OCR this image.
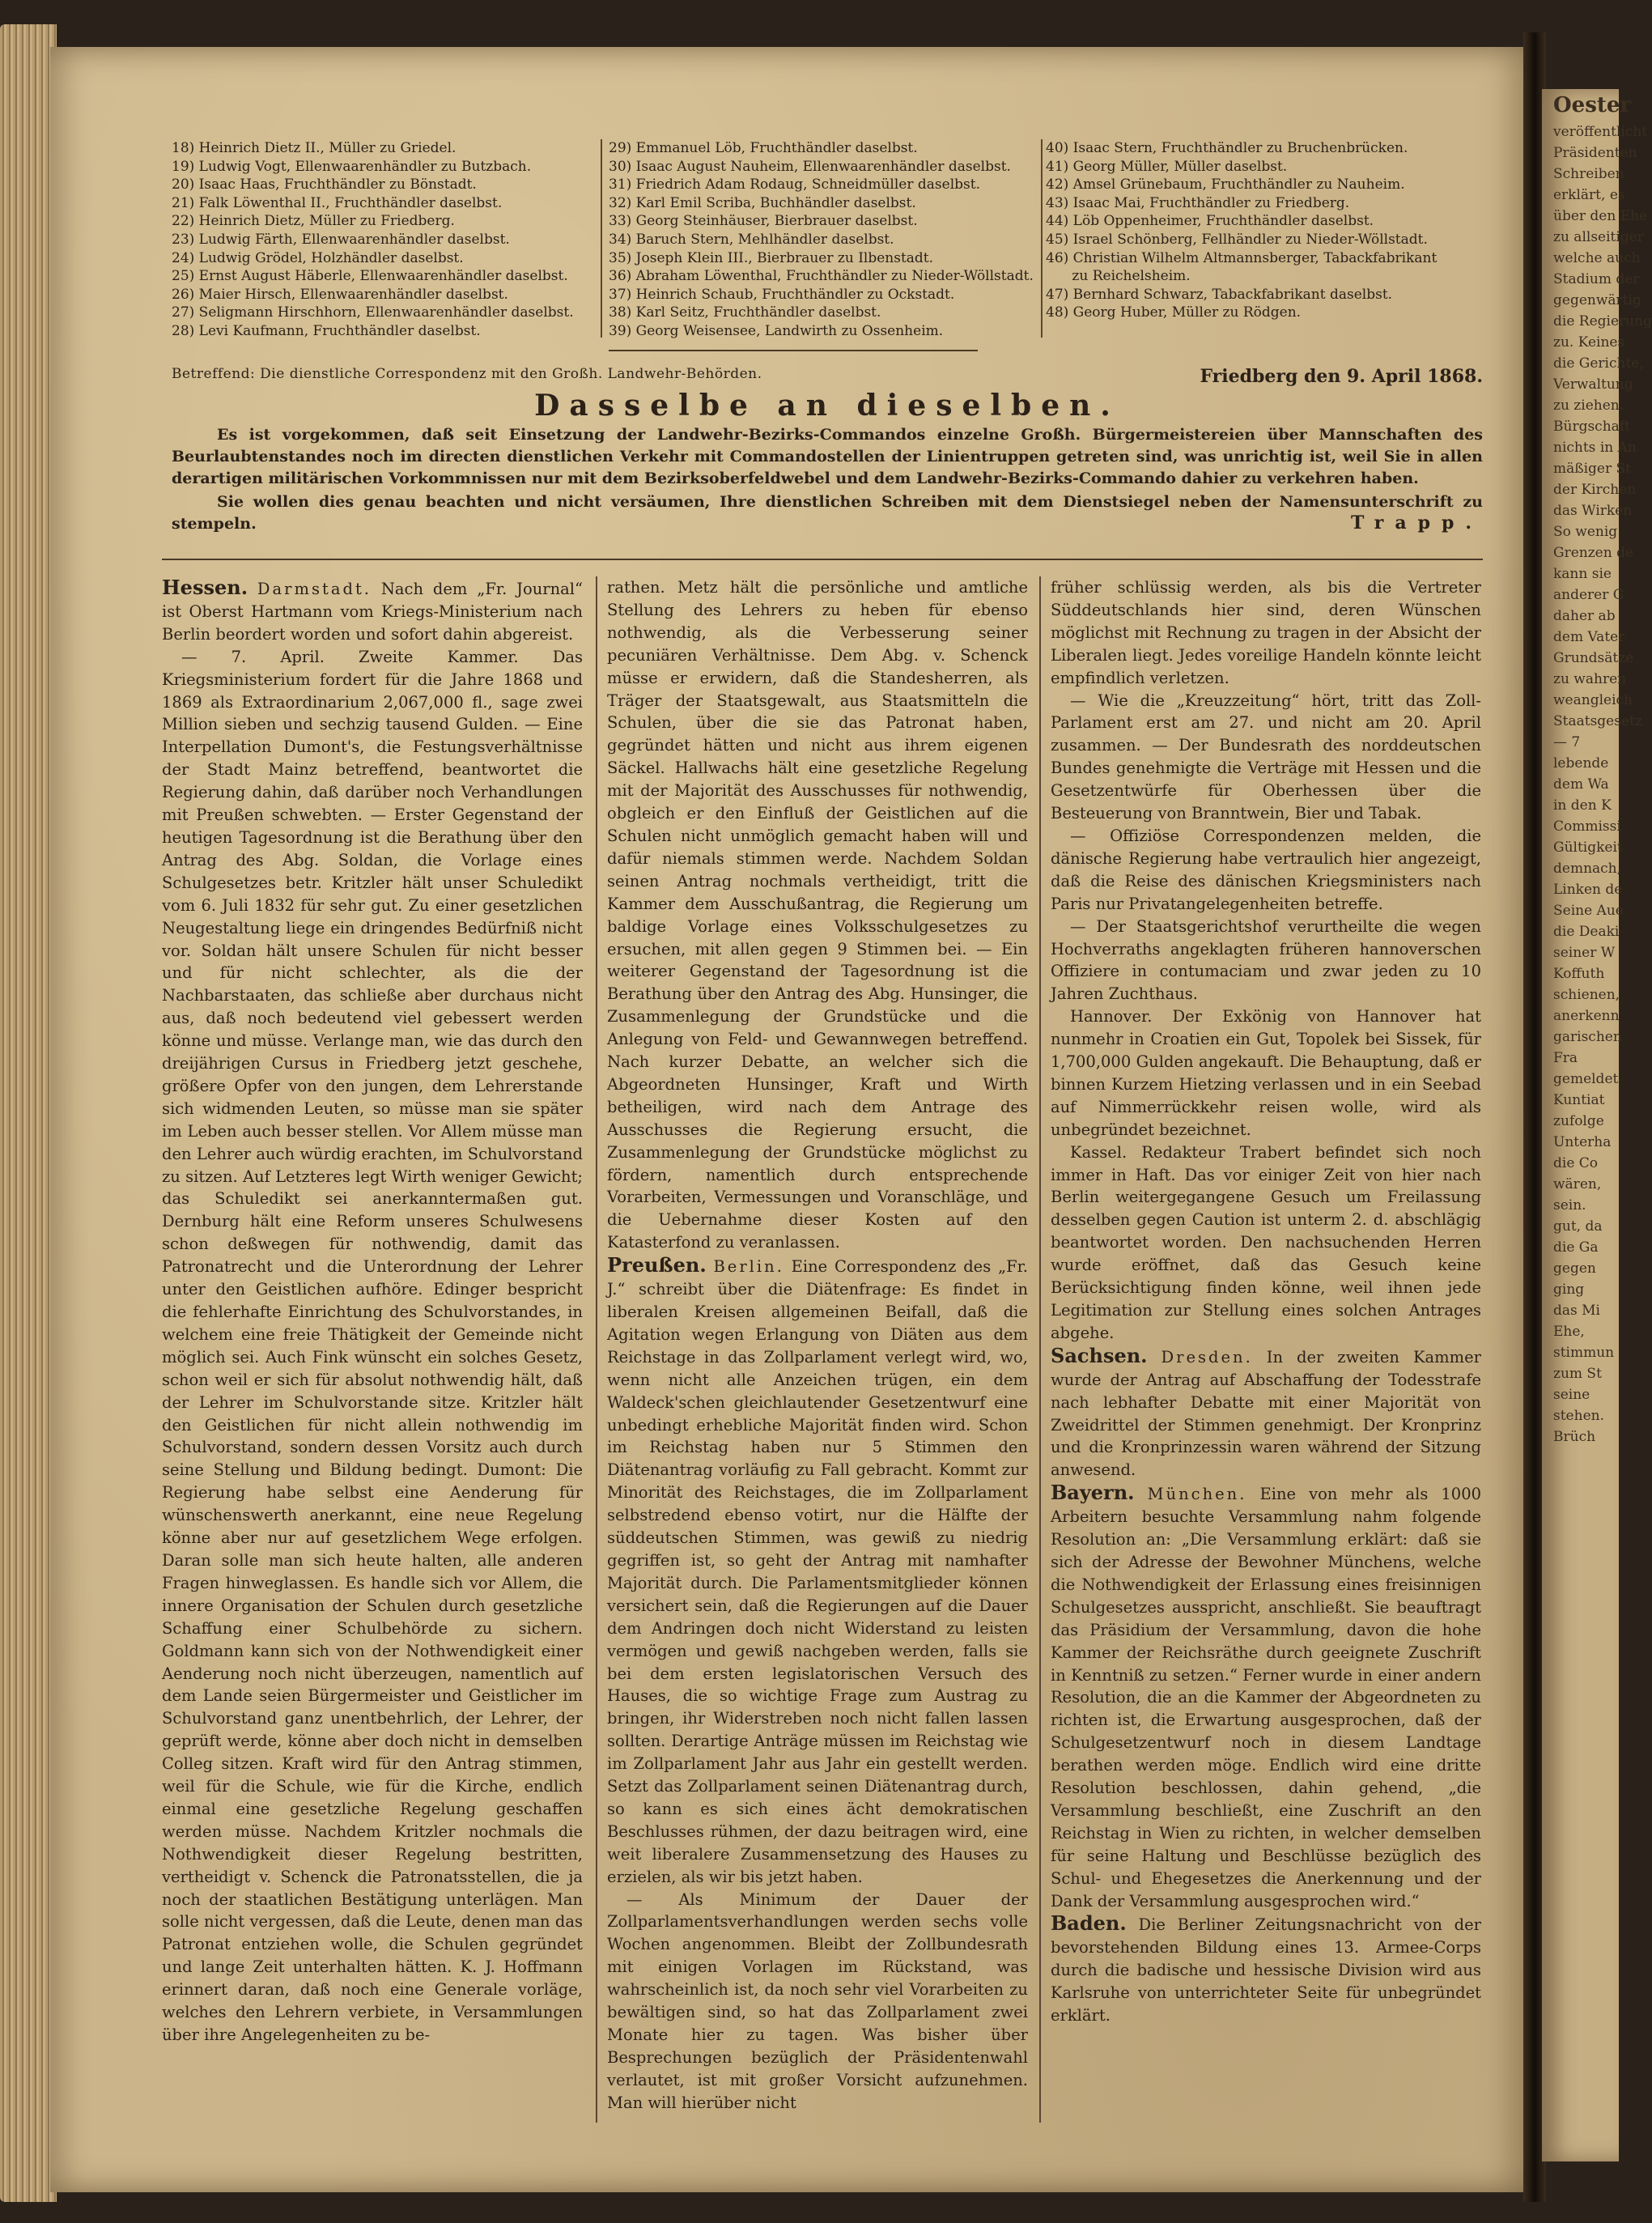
Oester
veröffentlicht
Präsidenten
Schreiben
erklärt, es
über den Ehe
zu allseitiger
welche auch
Stadium der
gegenwärtig
die Regierung
zu. Keines
die Gerichte,
Verwaltung
zu ziehen.
Bürgschaft
nichts in An
mäßiger St
der Kirchen
das Wirken
So wenig
Grenzen de
kann sie
anderer G
daher ab
dem Vater
Grundsätze
zu wahren
weangleich
Staatsgesetz
— 7
lebende
dem Wa
in den K
Commissi
Gültigkeit
demnach,
Linken de
Seine Aue
die Deaki
seiner W
Koffuth
schienen,
anerkenn
garischen
Fra
gemeldet
Kuntiat
zufolge
Unterha
die Co
wären,
sein.
gut, da
die Ga
gegen
ging
das Mi
Ehe,
stimmun
zum St
seine
stehen.
Brüch
18) Heinrich Dietz II., Müller zu Griedel.
19) Ludwig Vogt, Ellenwaarenhändler zu Butzbach.
20) Isaac Haas, Fruchthändler zu Bönstadt.
21) Falk Löwenthal II., Fruchthändler daselbst.
22) Heinrich Dietz, Müller zu Friedberg.
23) Ludwig Färth, Ellenwaarenhändler daselbst.
24) Ludwig Grödel, Holzhändler daselbst.
25) Ernst August Häberle, Ellenwaarenhändler daselbst.
26) Maier Hirsch, Ellenwaarenhändler daselbst.
27) Seligmann Hirschhorn, Ellenwaarenhändler daselbst.
28) Levi Kaufmann, Fruchthändler daselbst.
29) Emmanuel Löb, Fruchthändler daselbst.
30) Isaac August Nauheim, Ellenwaarenhändler daselbst.
31) Friedrich Adam Rodaug, Schneidmüller daselbst.
32) Karl Emil Scriba, Buchhändler daselbst.
33) Georg Steinhäuser, Bierbrauer daselbst.
34) Baruch Stern, Mehlhändler daselbst.
35) Joseph Klein III., Bierbrauer zu Ilbenstadt.
36) Abraham Löwenthal, Fruchthändler zu Nieder-Wöllstadt.
37) Heinrich Schaub, Fruchthändler zu Ockstadt.
38) Karl Seitz, Fruchthändler daselbst.
39) Georg Weisensee, Landwirth zu Ossenheim.
40) Isaac Stern, Fruchthändler zu Bruchenbrücken.
41) Georg Müller, Müller daselbst.
42) Amsel Grünebaum, Fruchthändler zu Nauheim.
43) Isaac Mai, Fruchthändler zu Friedberg.
44) Löb Oppenheimer, Fruchthändler daselbst.
45) Israel Schönberg, Fellhändler zu Nieder-Wöllstadt.
46) Christian Wilhelm Altmannsberger, Tabackfabrikant
zu Reichelsheim.
47) Bernhard Schwarz, Tabackfabrikant daselbst.
48) Georg Huber, Müller zu Rödgen.
Betreffend: Die dienstliche Correspondenz mit den Großh. Landwehr-Behörden.	Friedberg den 9. April 1868.
Dasselbe an dieselben.

Es ist vorgekommen, daß seit Einsetzung der Landwehr-Bezirks-Commandos einzelne Großh. Bürgermeistereien über Mannschaften des Beurlaubtenstandes noch im directen dienstlichen Verkehr mit Commandostellen der Linientruppen getreten sind, was unrichtig ist, weil Sie in allen derartigen militärischen Vorkommnissen nur mit dem Bezirksoberfeldwebel und dem Landwehr-Bezirks-Commando dahier zu verkehren haben.

Sie wollen dies genau beachten und nicht versäumen, Ihre dienstlichen Schreiben mit dem Dienstsiegel neben der Namensunterschrift zu stempeln.	Trapp.

Hessen. Darmstadt. Nach dem „Fr. Journal“ ist Oberst Hartmann vom Kriegs-Ministerium nach Berlin beordert worden und sofort dahin abgereist.

— 7. April. Zweite Kammer. Das Kriegsministerium fordert für die Jahre 1868 und 1869 als Extraordinarium 2,067,000 fl., sage zwei Million sieben und sechzig tausend Gulden. — Eine Interpellation Dumont's, die Festungsverhältnisse der Stadt Mainz betreffend, beantwortet die Regierung dahin, daß darüber noch Verhandlungen mit Preußen schwebten. — Erster Gegenstand der heutigen Tagesordnung ist die Berathung über den Antrag des Abg. Soldan, die Vorlage eines Schulgesetzes betr. Kritzler hält unser Schuledikt vom 6. Juli 1832 für sehr gut. Zu einer gesetzlichen Neugestaltung liege ein dringendes Bedürfniß nicht vor. Soldan hält unsere Schulen für nicht besser und für nicht schlechter, als die der Nachbarstaaten, das schließe aber durchaus nicht aus, daß noch bedeutend viel gebessert werden könne und müsse. Verlange man, wie das durch den dreijährigen Cursus in Friedberg jetzt geschehe, größere Opfer von den jungen, dem Lehrerstande sich widmenden Leuten, so müsse man sie später im Leben auch besser stellen. Vor Allem müsse man den Lehrer auch würdig erachten, im Schulvorstand zu sitzen. Auf Letzteres legt Wirth weniger Gewicht; das Schuledikt sei anerkanntermaßen gut. Dernburg hält eine Reform unseres Schulwesens schon deßwegen für nothwendig, damit das Patronatrecht und die Unterordnung der Lehrer unter den Geistlichen aufhöre. Edinger bespricht die fehlerhafte Einrichtung des Schulvorstandes, in welchem eine freie Thätigkeit der Gemeinde nicht möglich sei. Auch Fink wünscht ein solches Gesetz, schon weil er sich für absolut nothwendig hält, daß der Lehrer im Schulvorstande sitze. Kritzler hält den Geistlichen für nicht allein nothwendig im Schulvorstand, sondern dessen Vorsitz auch durch seine Stellung und Bildung bedingt. Dumont: Die Regierung habe selbst eine Aenderung für wünschenswerth anerkannt, eine neue Regelung könne aber nur auf gesetzlichem Wege erfolgen. Daran solle man sich heute halten, alle anderen Fragen hinweglassen. Es handle sich vor Allem, die innere Organisation der Schulen durch gesetzliche Schaffung einer Schulbehörde zu sichern. Goldmann kann sich von der Nothwendigkeit einer Aenderung noch nicht überzeugen, namentlich auf dem Lande seien Bürgermeister und Geistlicher im Schulvorstand ganz unentbehrlich, der Lehrer, der geprüft werde, könne aber doch nicht in demselben Colleg sitzen. Kraft wird für den Antrag stimmen, weil für die Schule, wie für die Kirche, endlich einmal eine gesetzliche Regelung geschaffen werden müsse. Nachdem Kritzler nochmals die Nothwendigkeit dieser Regelung bestritten, vertheidigt v. Schenck die Patronatsstellen, die ja noch der staatlichen Bestätigung unterlägen. Man solle nicht vergessen, daß die Leute, denen man das Patronat entziehen wolle, die Schulen gegründet und lange Zeit unterhalten hätten. K. J. Hoffmann erinnert daran, daß noch eine Generale vorläge, welches den Lehrern verbiete, in Versammlungen über ihre Angelegenheiten zu be-

rathen. Metz hält die persönliche und amtliche Stellung des Lehrers zu heben für ebenso nothwendig, als die Verbesserung seiner pecuniären Verhältnisse. Dem Abg. v. Schenck müsse er erwidern, daß die Standesherren, als Träger der Staatsgewalt, aus Staatsmitteln die Schulen, über die sie das Patronat haben, gegründet hätten und nicht aus ihrem eigenen Säckel. Hallwachs hält eine gesetzliche Regelung mit der Majorität des Ausschusses für nothwendig, obgleich er den Einfluß der Geistlichen auf die Schulen nicht unmöglich gemacht haben will und dafür niemals stimmen werde. Nachdem Soldan seinen Antrag nochmals vertheidigt, tritt die Kammer dem Ausschußantrag, die Regierung um baldige Vorlage eines Volksschulgesetzes zu ersuchen, mit allen gegen 9 Stimmen bei. — Ein weiterer Gegenstand der Tagesordnung ist die Berathung über den Antrag des Abg. Hunsinger, die Zusammenlegung der Grundstücke und die Anlegung von Feld- und Gewannwegen betreffend. Nach kurzer Debatte, an welcher sich die Abgeordneten Hunsinger, Kraft und Wirth betheiligen, wird nach dem Antrage des Ausschusses die Regierung ersucht, die Zusammenlegung der Grundstücke möglichst zu fördern, namentlich durch entsprechende Vorarbeiten, Vermessungen und Voranschläge, und die Uebernahme dieser Kosten auf den Katasterfond zu veranlassen.

Preußen. Berlin. Eine Correspondenz des „Fr. J.“ schreibt über die Diätenfrage: Es findet in liberalen Kreisen allgemeinen Beifall, daß die Agitation wegen Erlangung von Diäten aus dem Reichstage in das Zollparlament verlegt wird, wo, wenn nicht alle Anzeichen trügen, ein dem Waldeck'schen gleichlautender Gesetzentwurf eine unbedingt erhebliche Majorität finden wird. Schon im Reichstag haben nur 5 Stimmen den Diätenantrag vorläufig zu Fall gebracht. Kommt zur Minorität des Reichstages, die im Zollparlament selbstredend ebenso votirt, nur die Hälfte der süddeutschen Stimmen, was gewiß zu niedrig gegriffen ist, so geht der Antrag mit namhafter Majorität durch. Die Parlamentsmitglieder können versichert sein, daß die Regierungen auf die Dauer dem Andringen doch nicht Widerstand zu leisten vermögen und gewiß nachgeben werden, falls sie bei dem ersten legislatorischen Versuch des Hauses, die so wichtige Frage zum Austrag zu bringen, ihr Widerstreben noch nicht fallen lassen sollten. Derartige Anträge müssen im Reichstag wie im Zollparlament Jahr aus Jahr ein gestellt werden. Setzt das Zollparlament seinen Diätenantrag durch, so kann es sich eines ächt demokratischen Beschlusses rühmen, der dazu beitragen wird, eine weit liberalere Zusammensetzung des Hauses zu erzielen, als wir bis jetzt haben.

— Als Minimum der Dauer der Zollparlamentsverhandlungen werden sechs volle Wochen angenommen. Bleibt der Zollbundesrath mit einigen Vorlagen im Rückstand, was wahrscheinlich ist, da noch sehr viel Vorarbeiten zu bewältigen sind, so hat das Zollparlament zwei Monate hier zu tagen. Was bisher über Besprechungen bezüglich der Präsidentenwahl verlautet, ist mit großer Vorsicht aufzunehmen. Man will hierüber nicht

früher schlüssig werden, als bis die Vertreter Süddeutschlands hier sind, deren Wünschen möglichst mit Rechnung zu tragen in der Absicht der Liberalen liegt. Jedes voreilige Handeln könnte leicht empfindlich verletzen.

— Wie die „Kreuzzeitung“ hört, tritt das Zoll-Parlament erst am 27. und nicht am 20. April zusammen. — Der Bundesrath des norddeutschen Bundes genehmigte die Verträge mit Hessen und die Gesetzentwürfe für Oberhessen über die Besteuerung von Branntwein, Bier und Tabak.

— Offiziöse Correspondenzen melden, die dänische Regierung habe vertraulich hier angezeigt, daß die Reise des dänischen Kriegsministers nach Paris nur Privatangelegenheiten betreffe.

— Der Staatsgerichtshof verurtheilte die wegen Hochverraths angeklagten früheren hannoverschen Offiziere in contumaciam und zwar jeden zu 10 Jahren Zuchthaus.

Hannover. Der Exkönig von Hannover hat nunmehr in Croatien ein Gut, Topolek bei Sissek, für 1,700,000 Gulden angekauft. Die Behauptung, daß er binnen Kurzem Hietzing verlassen und in ein Seebad auf Nimmerrückkehr reisen wolle, wird als unbegründet bezeichnet.

Kassel. Redakteur Trabert befindet sich noch immer in Haft. Das vor einiger Zeit von hier nach Berlin weitergegangene Gesuch um Freilassung desselben gegen Caution ist unterm 2. d. abschlägig beantwortet worden. Den nachsuchenden Herren wurde eröffnet, daß das Gesuch keine Berücksichtigung finden könne, weil ihnen jede Legitimation zur Stellung eines solchen Antrages abgehe.

Sachsen. Dresden. In der zweiten Kammer wurde der Antrag auf Abschaffung der Todesstrafe nach lebhafter Debatte mit einer Majorität von Zweidrittel der Stimmen genehmigt. Der Kronprinz und die Kronprinzessin waren während der Sitzung anwesend.

Bayern. München. Eine von mehr als 1000 Arbeitern besuchte Versammlung nahm folgende Resolution an: „Die Versammlung erklärt: daß sie sich der Adresse der Bewohner Münchens, welche die Nothwendigkeit der Erlassung eines freisinnigen Schulgesetzes ausspricht, anschließt. Sie beauftragt das Präsidium der Versammlung, davon die hohe Kammer der Reichsräthe durch geeignete Zuschrift in Kenntniß zu setzen.“ Ferner wurde in einer andern Resolution, die an die Kammer der Abgeordneten zu richten ist, die Erwartung ausgesprochen, daß der Schulgesetzentwurf noch in diesem Landtage berathen werden möge. Endlich wird eine dritte Resolution beschlossen, dahin gehend, „die Versammlung beschließt, eine Zuschrift an den Reichstag in Wien zu richten, in welcher demselben für seine Haltung und Beschlüsse bezüglich des Schul- und Ehegesetzes die Anerkennung und der Dank der Versammlung ausgesprochen wird.“

Baden. Die Berliner Zeitungsnachricht von der bevorstehenden Bildung eines 13. Armee-Corps durch die badische und hessische Division wird aus Karlsruhe von unterrichteter Seite für unbegründet erklärt.
